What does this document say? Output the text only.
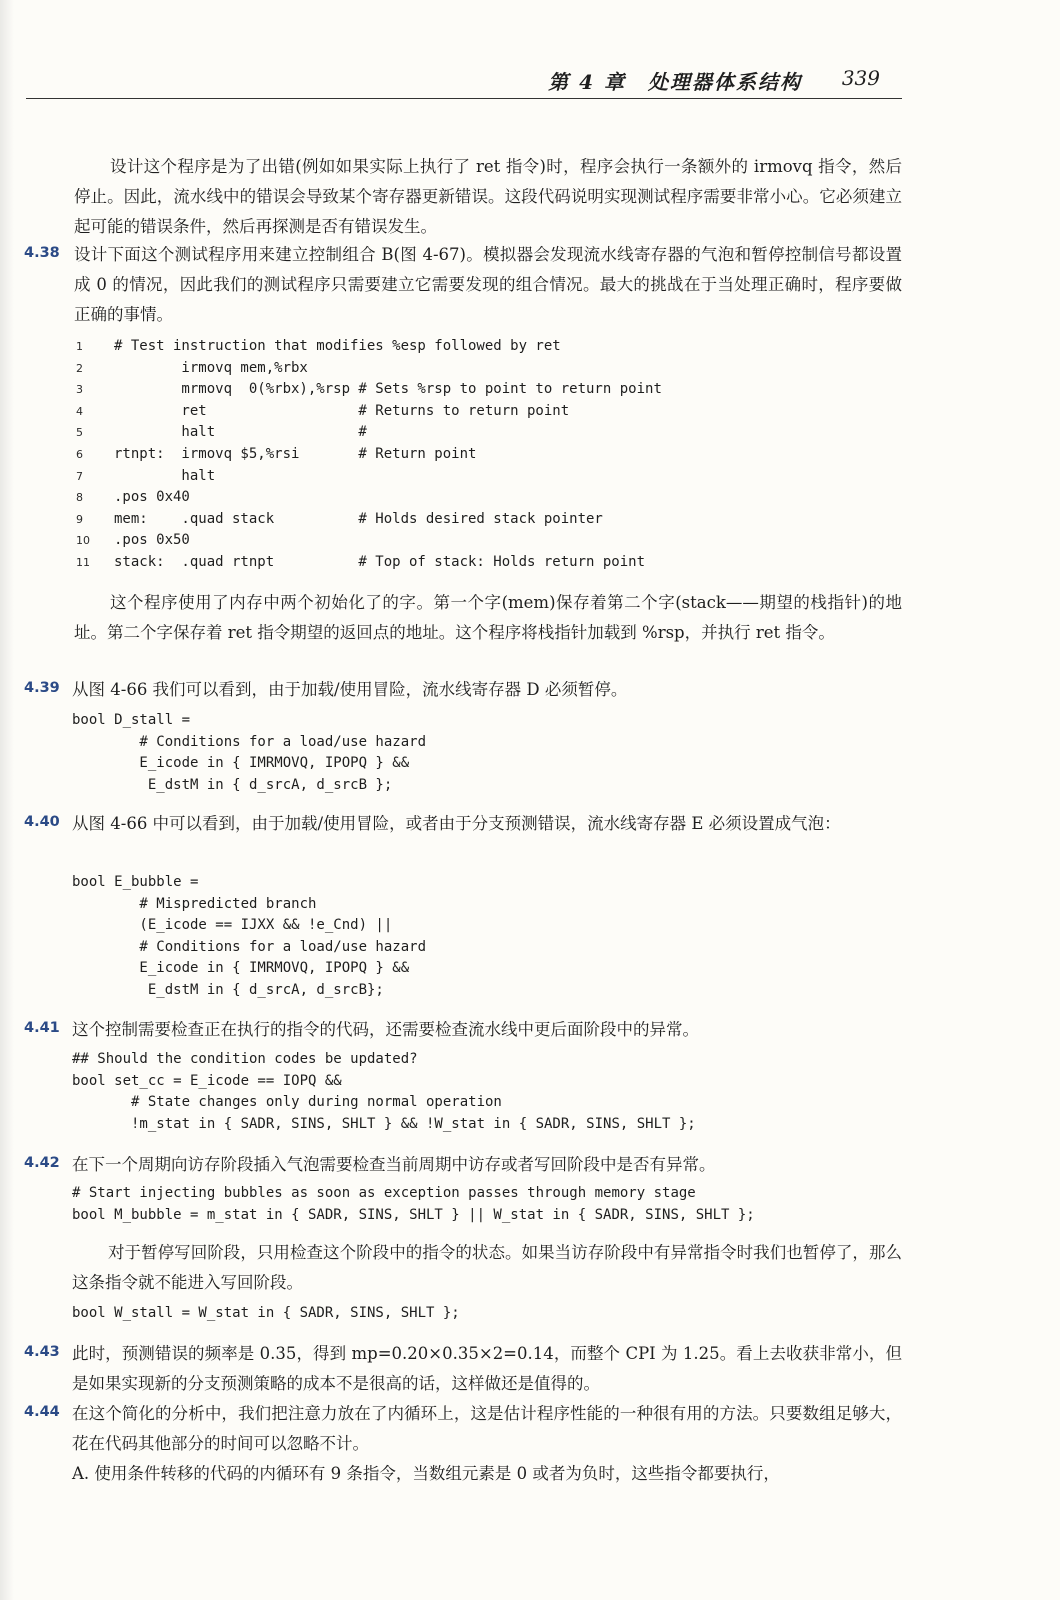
第 4 章　处理器体系结构 339

设计这个程序是为了出错(例如如果实际上执行了 ret 指令)时，程序会执行一条额外的 irmovq 指令，然后停止。因此，流水线中的错误会导致某个寄存器更新错误。这段代码说明实现测试程序需要非常小心。它必须建立起可能的错误条件，然后再探测是否有错误发生。

4.38 设计下面这个测试程序用来建立控制组合 B(图 4-67)。模拟器会发现流水线寄存器的气泡和暂停控制信号都设置成 0 的情况，因此我们的测试程序只需要建立它需要发现的组合情况。最大的挑战在于当处理正确时，程序要做正确的事情。

1 # Test instruction that modifies %esp followed by ret
2        irmovq mem,%rbx
3        mrmovq  0(%rbx),%rsp # Sets %rsp to point to return point
4        ret                  # Returns to return point
5        halt                 #
6 rtnpt:  irmovq $5,%rsi       # Return point
7        halt
8 .pos 0x40
9 mem:    .quad stack          # Holds desired stack pointer
10 .pos 0x50
11 stack:  .quad rtnpt          # Top of stack: Holds return point

这个程序使用了内存中两个初始化了的字。第一个字(mem)保存着第二个字(stack——期望的栈指针)的地址。第二个字保存着 ret 指令期望的返回点的地址。这个程序将栈指针加载到 %rsp，并执行 ret 指令。

4.39 从图 4-66 我们可以看到，由于加载/使用冒险，流水线寄存器 D 必须暂停。

bool D_stall =
# Conditions for a load/use hazard
E_icode in { IMRMOVQ, IPOPQ } &&
E_dstM in { d_srcA, d_srcB };
4.40 从图 4-66 中可以看到，由于加载/使用冒险，或者由于分支预测错误，流水线寄存器 E 必须设置成气泡：

bool E_bubble =
# Mispredicted branch
(E_icode == IJXX && !e_Cnd) ||
# Conditions for a load/use hazard
E_icode in { IMRMOVQ, IPOPQ } &&
E_dstM in { d_srcA, d_srcB};
4.41 这个控制需要检查正在执行的指令的代码，还需要检查流水线中更后面阶段中的异常。

## Should the condition codes be updated?
bool set_cc = E_icode == IOPQ &&
# State changes only during normal operation
!m_stat in { SADR, SINS, SHLT } && !W_stat in { SADR, SINS, SHLT };
4.42 在下一个周期向访存阶段插入气泡需要检查当前周期中访存或者写回阶段中是否有异常。

# Start injecting bubbles as soon as exception passes through memory stage
bool M_bubble = m_stat in { SADR, SINS, SHLT } || W_stat in { SADR, SINS, SHLT };

对于暂停写回阶段，只用检查这个阶段中的指令的状态。如果当访存阶段中有异常指令时我们也暂停了，那么这条指令就不能进入写回阶段。

bool W_stall = W_stat in { SADR, SINS, SHLT };
4.43 此时，预测错误的频率是 0.35，得到 mp=0.20×0.35×2=0.14，而整个 CPI 为 1.25。看上去收获非常小，但是如果实现新的分支预测策略的成本不是很高的话，这样做还是值得的。

4.44 在这个简化的分析中，我们把注意力放在了内循环上，这是估计程序性能的一种很有用的方法。只要数组足够大，花在代码其他部分的时间可以忽略不计。

A. 使用条件转移的代码的内循环有 9 条指令，当数组元素是 0 或者为负时，这些指令都要执行，
